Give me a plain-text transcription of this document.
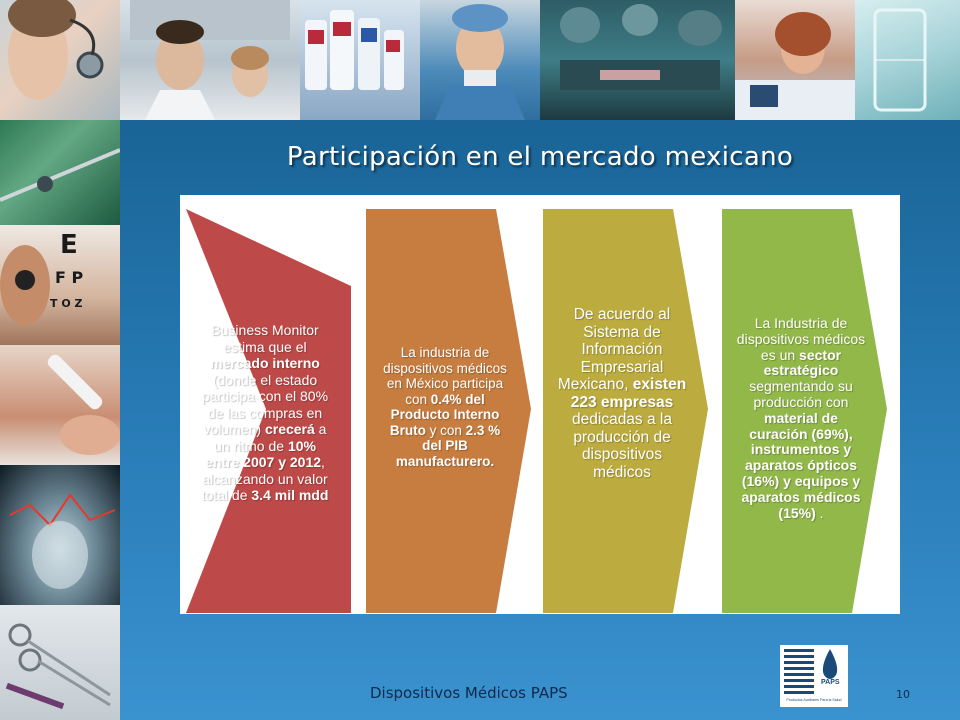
E
F P
T O Z
Participación en el mercado mexicano
Business Monitor estima que el mercado interno (donde el estado participa con el 80% de las compras en volumen) crecerá a un ritmo de 10% entre 2007 y 2012, alcanzando un valor total de 3.4 mil mdd
La industria de dispositivos médicos en México participa con 0.4% del Producto Interno Bruto y con 2.3 % del PIB manufacturero.
De acuerdo al Sistema de Información Empresarial Mexicano, existen 223 empresas dedicadas a la producción de dispositivos médicos
La Industria de dispositivos médicos es un sector estratégico segmentando su producción con material de curación (69%), instrumentos y aparatos ópticos (16%) y equipos y aparatos médicos (15%) .
Dispositivos Médicos PAPS
PAPS
Productos Auxiliares Para la Salud	10
